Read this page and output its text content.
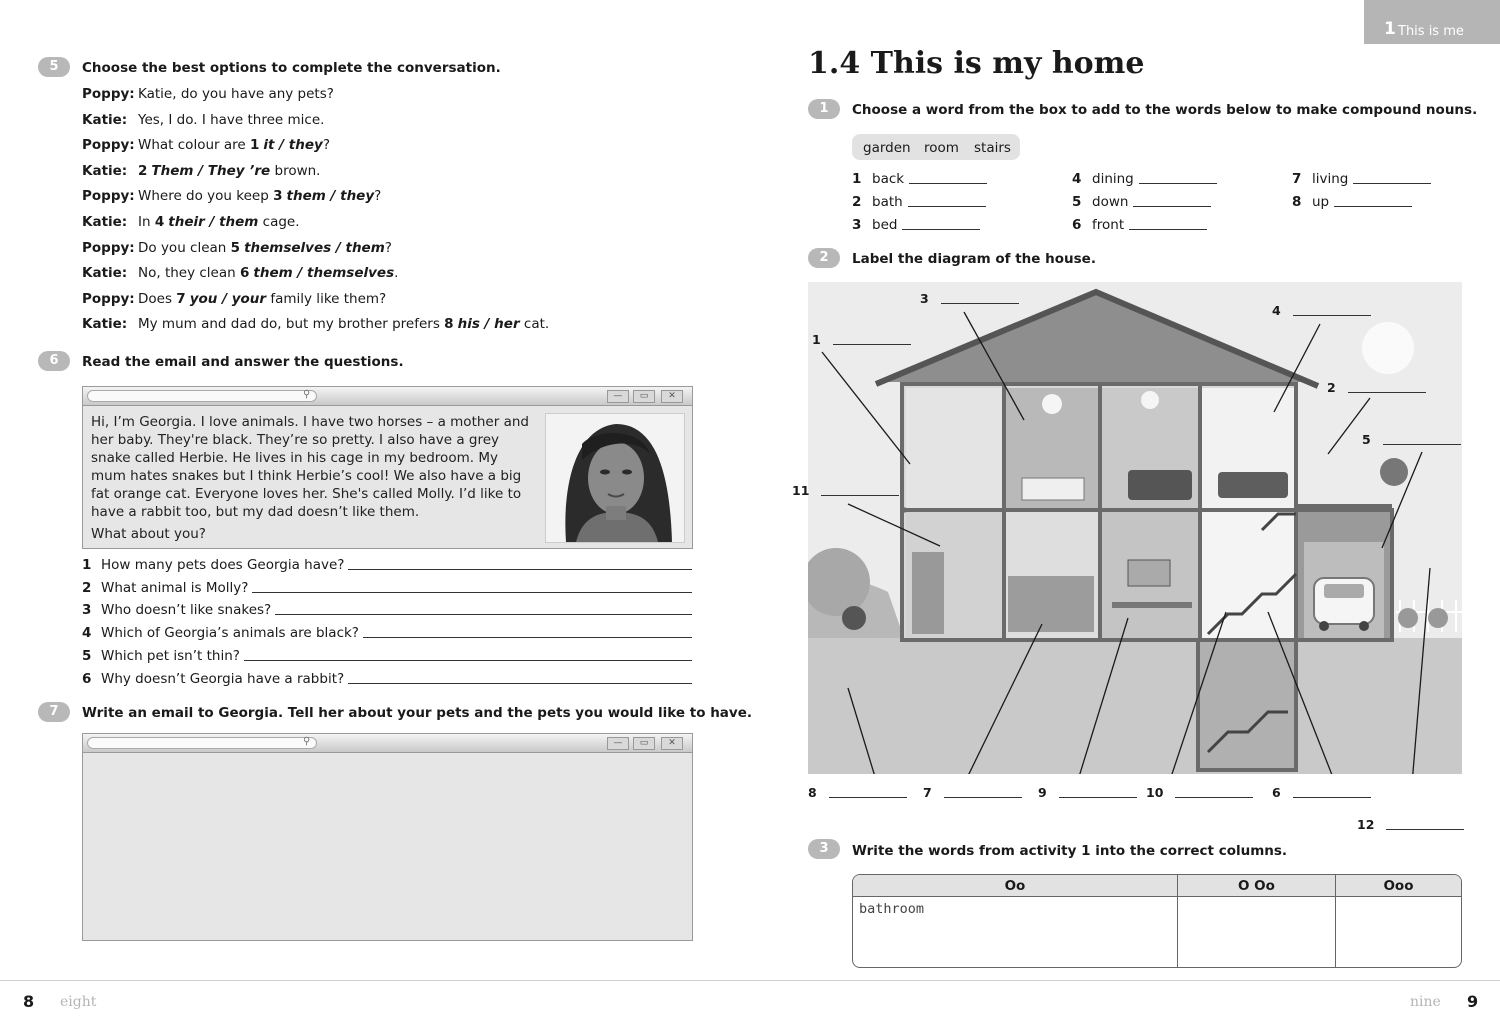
1 This is me
5	Choose the best options to complete the conversation.
Poppy: Katie, do you have any pets?
Katie: Yes, I do. I have three mice.
Poppy: What colour are 1 it / they?
Katie: 2 Them / They ’re brown.
Poppy: Where do you keep 3 them / they?
Katie: In 4 their / them cage.
Poppy: Do you clean 5 themselves / them?
Katie: No, they clean 6 them / themselves.
Poppy: Does 7 you / your family like them?
Katie: My mum and dad do, but my brother prefers 8 his / her cat.
6	Read the email and answer the questions.
⚲	—	▭	✕
Hi, I’m Georgia. I love animals. I have two horses – a mother and her baby. They're black. They’re so pretty. I also have a grey snake called Herbie. He lives in his cage in my bedroom. My mum hates snakes but I think Herbie’s cool! We also have a big fat orange cat. Everyone loves her. She's called Molly. I’d like to have a rabbit too, but my dad doesn’t like them.
What about you?
1 How many pets does Georgia have?
2 What animal is Molly?
3 Who doesn’t like snakes?
4 Which of Georgia’s animals are black?
5 Which pet isn’t thin?
6 Why doesn’t Georgia have a rabbit?
7	Write an email to Georgia. Tell her about your pets and the pets you would like to have.
⚲	—	▭	✕
1.4 This is my home
1	Choose a word from the box to add to the words below to make compound nouns.
garden room stairs
1 back
2 bath
3 bed
4 dining
5 down
6 front
7 living
8 up
2	Label the diagram of the house.
1
2
3
4
5
6
7
8	9	10
11
12
3	Write the words from activity 1 into the correct columns.
Oo	O Oo	Ooo
bathroom		
8 eight	nine 9
